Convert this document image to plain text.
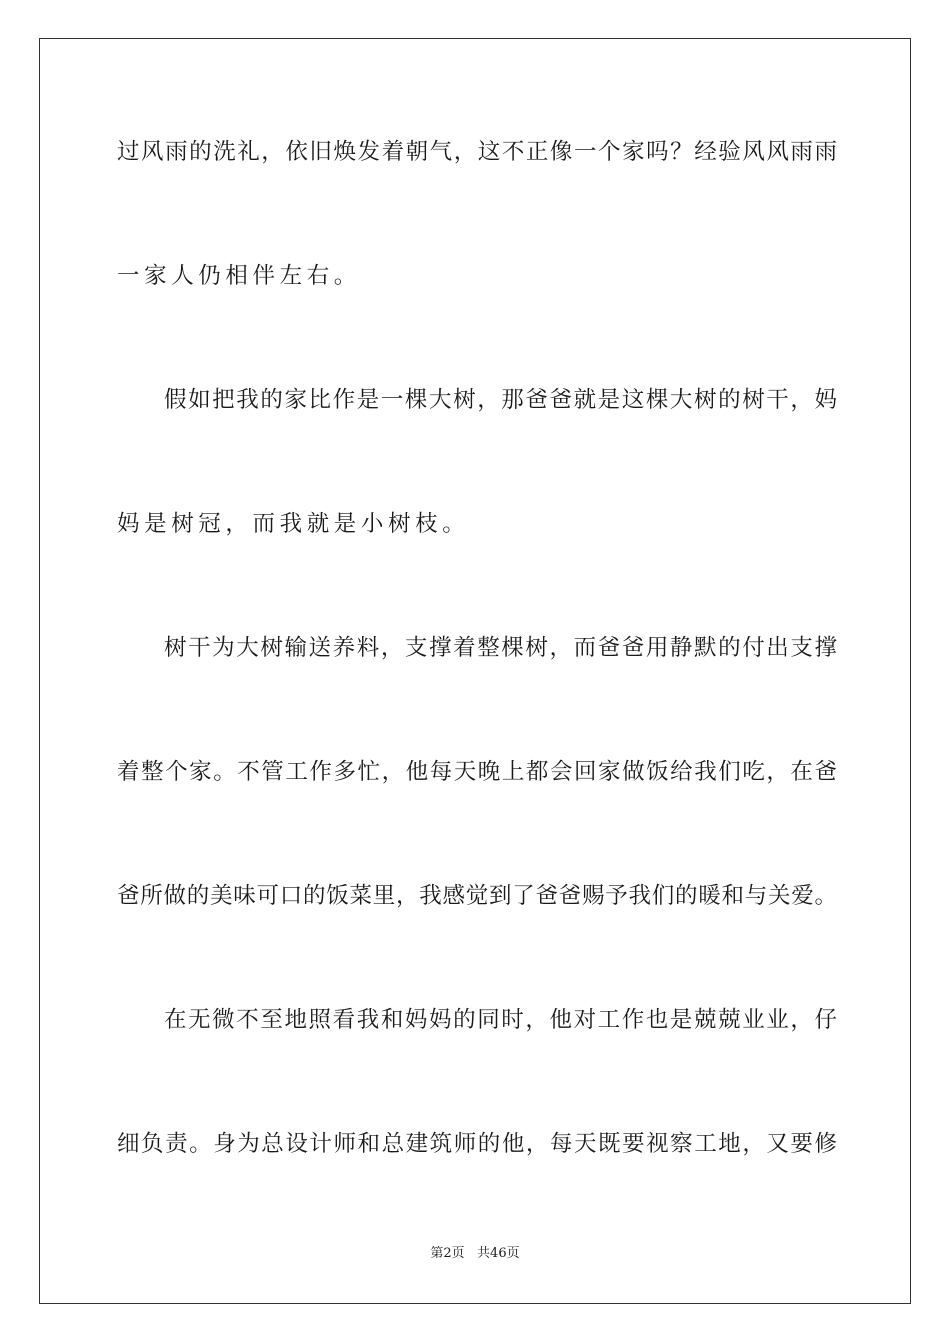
过风雨的洗礼，依旧焕发着朝气，这不正像一个家吗？经验风风雨雨
一家人仍相伴左右。
假如把我的家比作是一棵大树，那爸爸就是这棵大树的树干，妈
妈是树冠，而我就是小树枝。
树干为大树输送养料，支撑着整棵树，而爸爸用静默的付出支撑
着整个家。不管工作多忙，他每天晚上都会回家做饭给我们吃，在爸
爸所做的美味可口的饭菜里，我感觉到了爸爸赐予我们的暖和与关爱。
在无微不至地照看我和妈妈的同时，他对工作也是兢兢业业，仔
细负责。身为总设计师和总建筑师的他，每天既要视察工地，又要修
第2页   共46页
